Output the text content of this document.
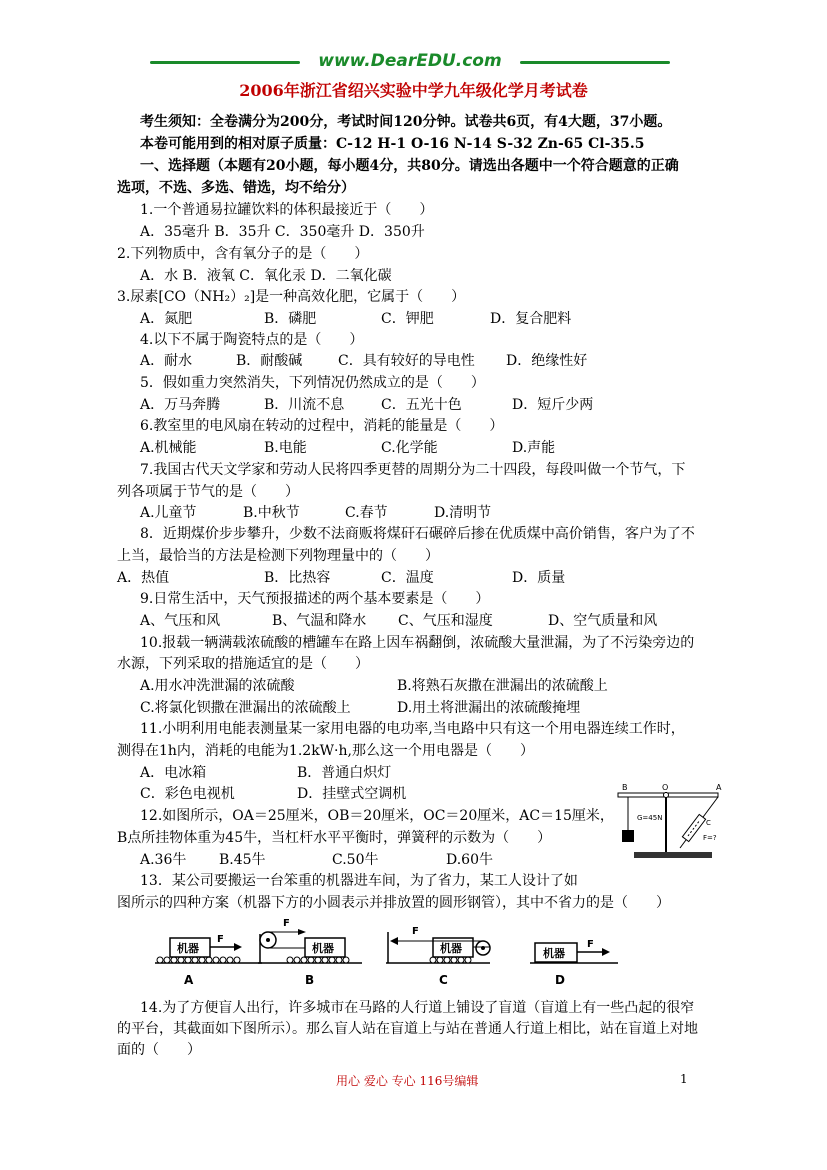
www.DearEDU.com
2006年浙江省绍兴实验中学九年级化学月考试卷
考生须知：全卷满分为200分，考试时间120分钟。试卷共6页，有4大题，37小题。
本卷可能用到的相对原子质量：C-12 H-1 O-16 N-14 S-32 Zn-65 Cl-35.5
一、选择题（本题有20小题，每小题4分，共80分。请选出各题中一个符合题意的正确
选项，不选、多选、错选，均不给分）
1.一个普通易拉罐饮料的体积最接近于（　　）
A．35毫升 B．35升 C．350毫升 D．350升
2.下列物质中，含有氧分子的是（　　）
A．水 B．液氧 C．氧化汞 D．二氧化碳
3.尿素[CO（NH₂）₂]是一种高效化肥，它属于（　　）
A．氮肥	B．磷肥	C．钾肥	D．复合肥料
4.以下不属于陶瓷特点的是（　　）
A．耐水	B．耐酸碱	C．具有较好的导电性 D．绝缘性好
5．假如重力突然消失，下列情况仍然成立的是（　　）
A．万马奔腾	B．川流不息	C．五光十色	D．短斤少两
6.教室里的电风扇在转动的过程中，消耗的能量是（　　）
A.机械能	B.电能	C.化学能	D.声能
7.我国古代天文学家和劳动人民将四季更替的周期分为二十四段，每段叫做一个节气，下
列各项属于节气的是（　　）
A.儿童节	B.中秋节	C.春节	D.清明节
8．近期煤价步步攀升，少数不法商贩将煤矸石碾碎后掺在优质煤中高价销售，客户为了不
上当，最恰当的方法是检测下列物理量中的（　　）
A．热值	B．比热容	C．温度	D．质量
9.日常生活中，天气预报描述的两个基本要素是（　　）
A、气压和风	B、气温和降水 C、气压和湿度	D、空气质量和风
10.报载一辆满载浓硫酸的槽罐车在路上因车祸翻倒，浓硫酸大量泄漏，为了不污染旁边的
水源，下列采取的措施适宜的是（　　）
A.用水冲洗泄漏的浓硫酸	B.将熟石灰撒在泄漏出的浓硫酸上
C.将氯化钡撒在泄漏出的浓硫酸上	D.用土将泄漏出的浓硫酸掩埋
11.小明利用电能表测量某一家用电器的电功率,当电路中只有这一个用电器连续工作时，
测得在1h内，消耗的电能为1.2kW·h,那么这一个用电器是（　　）
A．电冰箱	B．普通白炽灯
C．彩色电视机	D．挂壁式空调机
12.如图所示，OA＝25厘米，OB＝20厘米，OC＝20厘米，AC＝15厘米，
B点所挂物体重为45牛，当杠杆水平平衡时，弹簧秤的示数为（　　）
A.36牛 B.45牛	C.50牛	D.60牛
B	O	A
C
G=45N
F=?
13．某公司要搬运一台笨重的机器进车间，为了省力，某工人设计了如
图所示的四种方案（机器下方的小圆表示并排放置的圆形钢管），其中不省力的是（　　）
机器
F
A
F
机器
B
机器
F
C
机器
F
D
14.为了方便盲人出行，许多城市在马路的人行道上铺设了盲道（盲道上有一些凸起的很窄
的平台，其截面如下图所示）。那么盲人站在盲道上与站在普通人行道上相比，站在盲道上对地
面的（　　）
用心 爱心 专心 116号编辑	1
